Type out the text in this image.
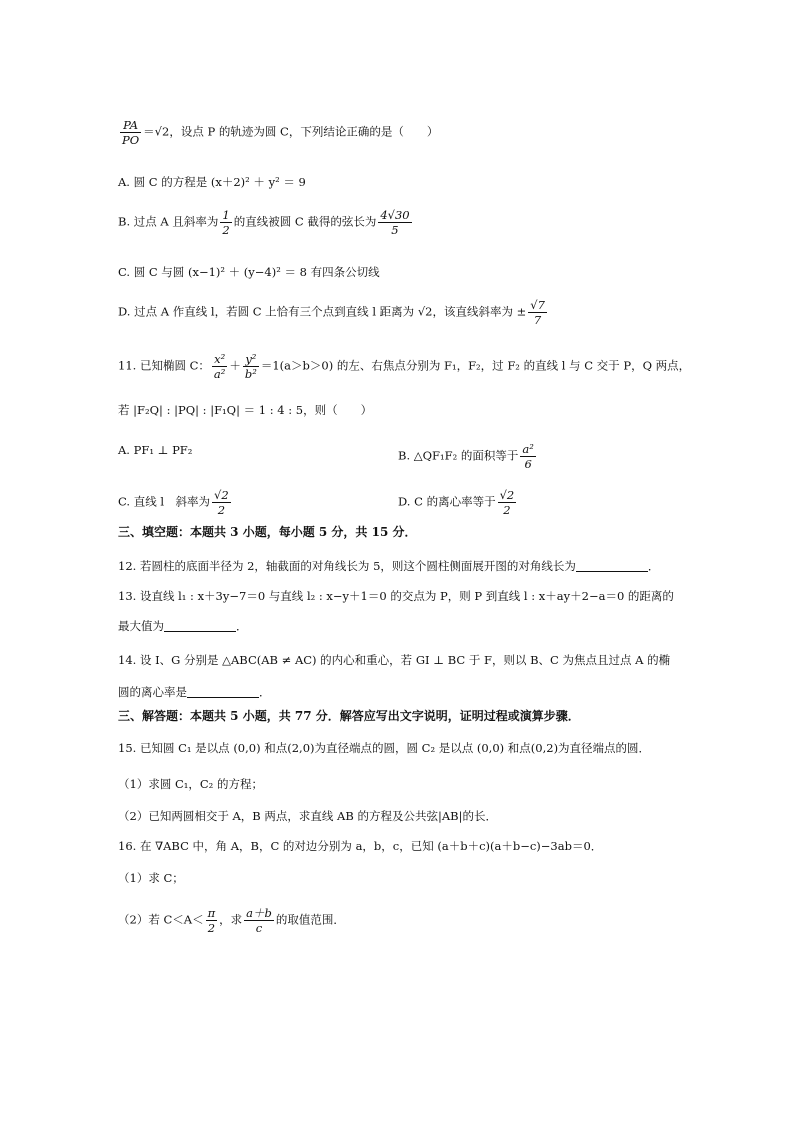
$\frac{PA}{PO} =√2$，设点 P 的轨迹为圆 C，下列结论正确的是（　　）
A. 圆 C 的方程是 (x＋2)² ＋ y² ＝ 9
B. 过点 A 且斜率为 $\frac{1}{2}$ 的直线被圆 C 截得的弦长为 $\frac{4√30}{5}$
C. 圆 C 与圆 (x−1)² ＋ (y−4)² ＝ 8 有四条公切线
D. 过点 A 作直线 l，若圆 C 上恰有三个点到直线 l 距离为 √2，该直线斜率为 ± $\frac{√7}{7}$
11. 已知椭圆 C： $\frac{\text{x²}}{\text{a²}} + \frac{\text{y²}}{\text{b²}} =1(a>b>0)$ 的左、右焦点分别为 F₁，F₂，过 F₂ 的直线 l 与 C 交于 P，Q 两点，
若 |F₂Q| : |PQ| : |F₁Q| ＝ 1 : 4 : 5，则（　　）
A. PF₁ ⊥ PF₂	B. △QF₁F₂ 的面积等于 $\frac{\text{a²}}{6}$
C. 直线 l　斜率为 $\frac{√2}{2}$	D. C 的离心率等于 $\frac{√2}{2}$
三、填空题：本题共 3 小题，每小题 5 分，共 15 分．
12. 若圆柱的底面半径为 2，轴截面的对角线长为 5，则这个圆柱侧面展开图的对角线长为	．
13. 设直线 l₁ : x＋3y−7＝0 与直线 l₂ : x−y＋1＝0 的交点为 P，则 P 到直线 l : x＋ay＋2−a＝0 的距离的
最大值为	．
14. 设 I、G 分别是 △ABC(AB ≠ AC) 的内心和重心，若 GI ⊥ BC 于 F，则以 B、C 为焦点且过点 A 的椭
圆的离心率是	．
三、解答题：本题共 5 小题，共 77 分．解答应写出文字说明，证明过程或演算步骤．
15. 已知圆 C₁ 是以点 (0,0) 和点(2,0)为直径端点的圆，圆 C₂ 是以点 (0,0) 和点(0,2)为直径端点的圆．
（1）求圆 C₁，C₂ 的方程；
（2）已知两圆相交于 A，B 两点，求直线 AB 的方程及公共弦|AB|的长．
16. 在 ∇ABC 中，角 A，B，C 的对边分别为 a，b，c，已知 (a＋b＋c)(a＋b−c)−3ab＝0．
（1）求 C；
（2）若 $C<A< \frac{\pi}{2}$ ，求 $\frac{a+b}{c}$ 的取值范围．
